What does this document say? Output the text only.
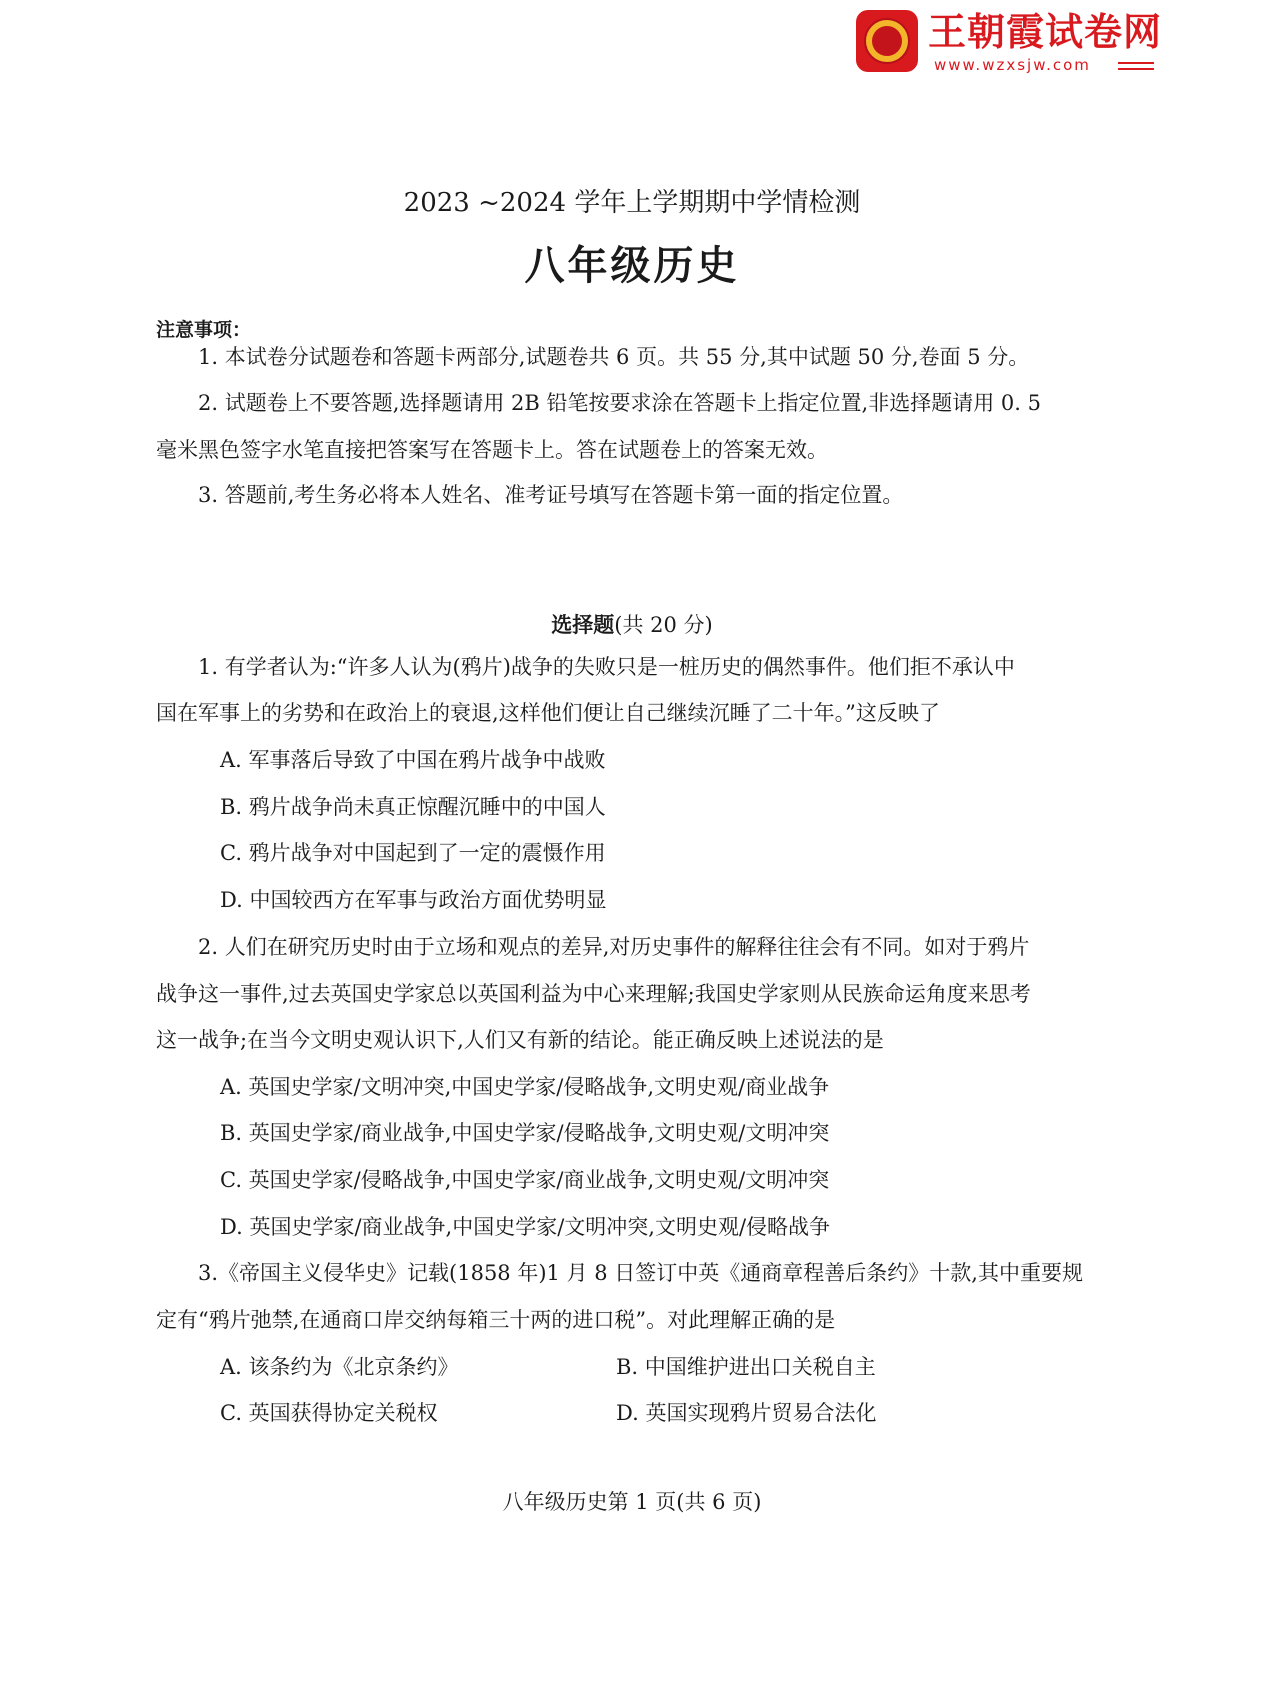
王朝霞试卷网
www.wzxsjw.com
2023 ~2024 学年上学期期中学情检测
八年级历史
注意事项：
1. 本试卷分试题卷和答题卡两部分,试题卷共 6 页。共 55 分,其中试题 50 分,卷面 5 分。
2. 试题卷上不要答题,选择题请用 2B 铅笔按要求涂在答题卡上指定位置,非选择题请用 0. 5
毫米黑色签字水笔直接把答案写在答题卡上。答在试题卷上的答案无效。
3. 答题前,考生务必将本人姓名、准考证号填写在答题卡第一面的指定位置。
选择题(共 20 分)
1. 有学者认为:“许多人认为(鸦片)战争的失败只是一桩历史的偶然事件。他们拒不承认中
国在军事上的劣势和在政治上的衰退,这样他们便让自己继续沉睡了二十年。”这反映了
A. 军事落后导致了中国在鸦片战争中战败
B. 鸦片战争尚未真正惊醒沉睡中的中国人
C. 鸦片战争对中国起到了一定的震慑作用
D. 中国较西方在军事与政治方面优势明显
2. 人们在研究历史时由于立场和观点的差异,对历史事件的解释往往会有不同。如对于鸦片
战争这一事件,过去英国史学家总以英国利益为中心来理解;我国史学家则从民族命运角度来思考
这一战争;在当今文明史观认识下,人们又有新的结论。能正确反映上述说法的是
A. 英国史学家/文明冲突,中国史学家/侵略战争,文明史观/商业战争
B. 英国史学家/商业战争,中国史学家/侵略战争,文明史观/文明冲突
C. 英国史学家/侵略战争,中国史学家/商业战争,文明史观/文明冲突
D. 英国史学家/商业战争,中国史学家/文明冲突,文明史观/侵略战争
3.《帝国主义侵华史》记载(1858 年)1 月 8 日签订中英《通商章程善后条约》十款,其中重要规
定有“鸦片弛禁,在通商口岸交纳每箱三十两的进口税”。对此理解正确的是
A. 该条约为《北京条约》	B. 中国维护进出口关税自主
C. 英国获得协定关税权	D. 英国实现鸦片贸易合法化
八年级历史第 1 页(共 6 页)
